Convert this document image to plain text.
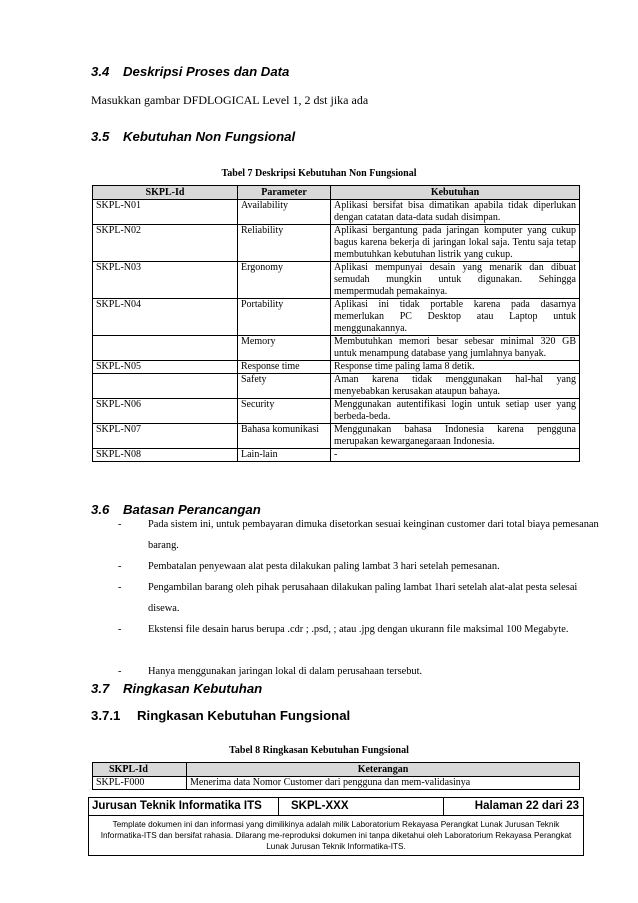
3.4 Deskripsi Proses dan Data
Masukkan gambar DFDLOGICAL Level 1, 2 dst jika ada
3.5 Kebutuhan Non Fungsional
Tabel 7 Deskripsi Kebutuhan Non Fungsional
SKPL-Id	Parameter	Kebutuhan
SKPL-N01	Availability	Aplikasi bersifat bisa dimatikan apabila tidak diperlukan dengan catatan data-data sudah disimpan.
SKPL-N02	Reliability	Aplikasi bergantung pada jaringan komputer yang cukup bagus karena bekerja di jaringan lokal saja. Tentu saja tetap membutuhkan kebutuhan listrik yang cukup.
SKPL-N03	Ergonomy	Aplikasi mempunyai desain yang menarik dan dibuat semudah mungkin untuk digunakan. Sehingga mempermudah pemakainya.
SKPL-N04	Portability	Aplikasi ini tidak portable karena pada dasarnya memerlukan PC Desktop atau Laptop untuk menggunakannya.
	Memory	Membutuhkan memori besar sebesar minimal 320 GB untuk menampung database yang jumlahnya banyak.
SKPL-N05	Response time	Response time paling lama 8 detik.
	Safety	Aman karena tidak menggunakan hal-hal yang menyebabkan kerusakan ataupun bahaya.
SKPL-N06	Security	Menggunakan autentifikasi login untuk setiap user yang berbeda-beda.
SKPL-N07	Bahasa komunikasi	Menggunakan bahasa Indonesia karena pengguna merupakan kewarganegaraan Indonesia.
SKPL-N08	Lain-lain	-
3.6 Batasan Perancangan
-	Pada sistem ini, untuk pembayaran dimuka disetorkan sesuai keinginan customer dari total biaya pemesanan barang.
-	Pembatalan penyewaan alat pesta dilakukan paling lambat 3 hari setelah pemesanan.
-	Pengambilan barang oleh pihak perusahaan dilakukan paling lambat 1hari setelah alat-alat pesta selesai disewa.
-	Ekstensi file desain harus berupa .cdr ; .psd, ; atau .jpg dengan ukurann file maksimal 100 Megabyte.
-	Hanya menggunakan jaringan lokal di dalam perusahaan tersebut.
3.7 Ringkasan Kebutuhan
3.7.1 Ringkasan Kebutuhan Fungsional
Tabel 8 Ringkasan Kebutuhan Fungsional
SKPL-Id	Keterangan
SKPL-F000	Menerima data Nomor Customer dari pengguna dan mem-validasinya
Jurusan Teknik Informatika ITS	SKPL-XXX	Halaman 22 dari 23
Template dokumen ini dan informasi yang dimilikinya adalah milik Laboratorium Rekayasa Perangkat Lunak Jurusan Teknik Informatika-ITS dan bersifat rahasia. Dilarang me-reproduksi dokumen ini tanpa diketahui oleh Laboratorium Rekayasa Perangkat Lunak Jurusan Teknik Informatika-ITS.
